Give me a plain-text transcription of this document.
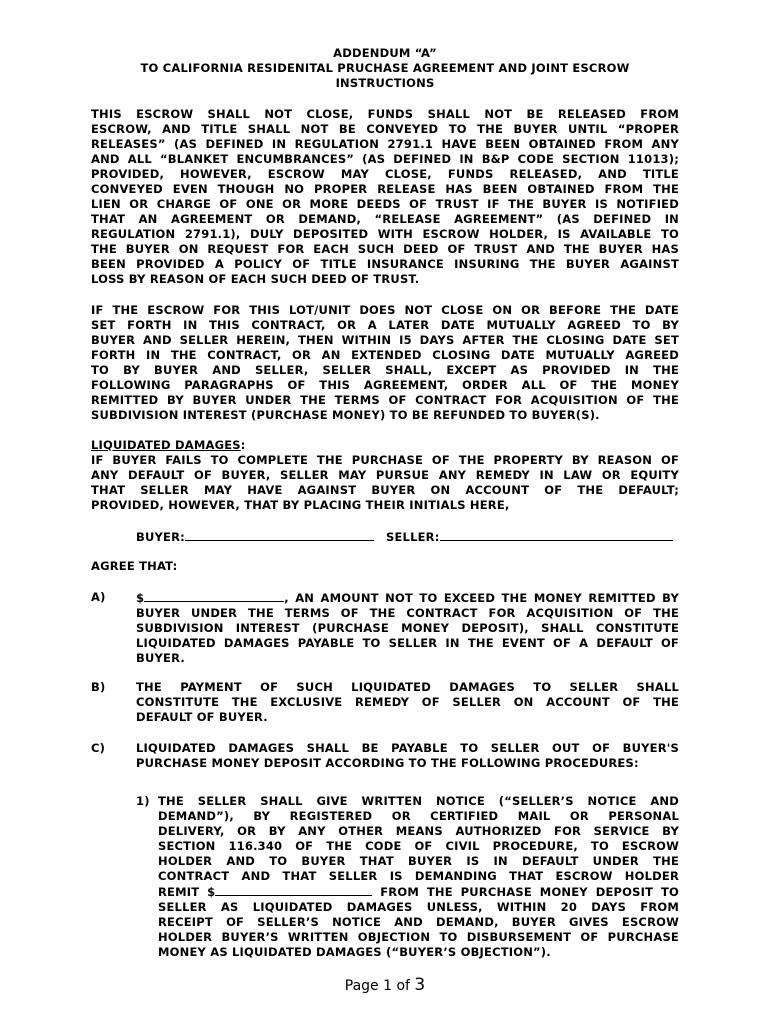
ADDENDUM “A”
TO CALIFORNIA RESIDENITAL PRUCHASE AGREEMENT AND JOINT ESCROW
INSTRUCTIONS
THIS ESCROW SHALL NOT CLOSE, FUNDS SHALL NOT BE RELEASED FROM
ESCROW, AND TITLE SHALL NOT BE CONVEYED TO THE BUYER UNTIL “PROPER
RELEASES” (AS DEFINED IN REGULATION 2791.1 HAVE BEEN OBTAINED FROM ANY
AND ALL “BLANKET ENCUMBRANCES” (AS DEFINED IN B&P CODE SECTION 11013);
PROVIDED, HOWEVER, ESCROW MAY CLOSE, FUNDS RELEASED, AND TITLE
CONVEYED EVEN THOUGH NO PROPER RELEASE HAS BEEN OBTAINED FROM THE
LIEN OR CHARGE OF ONE OR MORE DEEDS OF TRUST IF THE BUYER IS NOTIFIED
THAT AN AGREEMENT OR DEMAND, “RELEASE AGREEMENT” (AS DEFINED IN
REGULATION 2791.1), DULY DEPOSITED WITH ESCROW HOLDER, IS AVAILABLE TO
THE BUYER ON REQUEST FOR EACH SUCH DEED OF TRUST AND THE BUYER HAS
BEEN PROVIDED A POLICY OF TITLE INSURANCE INSURING THE BUYER AGAINST
LOSS BY REASON OF EACH SUCH DEED OF TRUST.
IF THE ESCROW FOR THIS LOT/UNIT DOES NOT CLOSE ON OR BEFORE THE DATE
SET FORTH IN THIS CONTRACT, OR A LATER DATE MUTUALLY AGREED TO BY
BUYER AND SELLER HEREIN, THEN WITHIN I5 DAYS AFTER THE CLOSING DATE SET
FORTH IN THE CONTRACT, OR AN EXTENDED CLOSING DATE MUTUALLY AGREED
TO BY BUYER AND SELLER, SELLER SHALL, EXCEPT AS PROVIDED IN THE
FOLLOWING PARAGRAPHS OF THIS AGREEMENT, ORDER ALL OF THE MONEY
REMITTED BY BUYER UNDER THE TERMS OF CONTRACT FOR ACQUISITION OF THE
SUBDIVISION INTEREST (PURCHASE MONEY) TO BE REFUNDED TO BUYER(S).
LIQUIDATED DAMAGES:
IF BUYER FAILS TO COMPLETE THE PURCHASE OF THE PROPERTY BY REASON OF
ANY DEFAULT OF BUYER, SELLER MAY PURSUE ANY REMEDY IN LAW OR EQUITY
THAT SELLER MAY HAVE AGAINST BUYER ON ACCOUNT OF THE DEFAULT;
PROVIDED, HOWEVER, THAT BY PLACING THEIR INITIALS HERE,
BUYER:	SELLER:
AGREE THAT:
A)	$	, AN AMOUNT NOT TO EXCEED THE MONEY REMITTED BY
BUYER UNDER THE TERMS OF THE CONTRACT FOR ACQUISITION OF THE
SUBDIVISION INTEREST (PURCHASE MONEY DEPOSIT), SHALL CONSTITUTE
LIQUIDATED DAMAGES PAYABLE TO SELLER IN THE EVENT OF A DEFAULT OF
BUYER.
B)	THE PAYMENT OF SUCH LIQUIDATED DAMAGES TO SELLER SHALL
CONSTITUTE THE EXCLUSIVE REMEDY OF SELLER ON ACCOUNT OF THE
DEFAULT OF BUYER.
C)	LIQUIDATED DAMAGES SHALL BE PAYABLE TO SELLER OUT OF BUYER'S
PURCHASE MONEY DEPOSIT ACCORDING TO THE FOLLOWING PROCEDURES:
1) THE SELLER SHALL GIVE WRITTEN NOTICE (“SELLER’S NOTICE AND
DEMAND”), BY REGISTERED OR CERTIFIED MAIL OR PERSONAL
DELIVERY, OR BY ANY OTHER MEANS AUTHORIZED FOR SERVICE BY
SECTION 116.340 OF THE CODE OF CIVIL PROCEDURE, TO ESCROW
HOLDER AND TO BUYER THAT BUYER IS IN DEFAULT UNDER THE
CONTRACT AND THAT SELLER IS DEMANDING THAT ESCROW HOLDER
REMIT $	FROM THE PURCHASE MONEY DEPOSIT TO
SELLER AS LIQUIDATED DAMAGES UNLESS, WITHIN 20 DAYS FROM
RECEIPT OF SELLER’S NOTICE AND DEMAND, BUYER GIVES ESCROW
HOLDER BUYER’S WRITTEN OBJECTION TO DISBURSEMENT OF PURCHASE
MONEY AS LIQUIDATED DAMAGES (“BUYER’S OBJECTION”).
Page 1 of 3
